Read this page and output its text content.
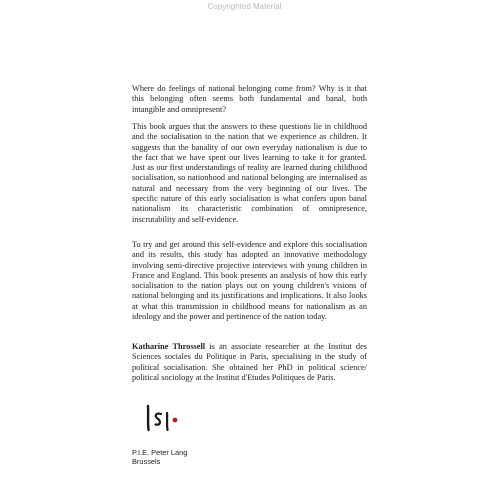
Copyrighted Material

Where do feelings of national belonging come from? Why is it that this belonging often seems both fundamental and banal, both intangible and omnipresent?

This book argues that the answers to these questions lie in childhood and the socialisation to the nation that we experience as children. It suggests that the banality of our own everyday nationalism is due to the fact that we have spent our lives learning to take it for granted. Just as our first understandings of reality are learned during childhood socialisation, so nationhood and national belonging are internalised as natural and necessary from the very beginning of our lives. The specific nature of this early socialisation is what confers upon banal nationalism its characteristic combination of omnipresence, inscrutability and self-evidence.

To try and get around this self-evidence and explore this socialisation and its results, this study has adopted an innovative methodology involving semi-directive projective interviews with young children in France and England. This book presents an analysis of how this early socialisation to the nation plays out on young children's visions of national belonging and its justifications and implications. It also looks at what this transmission in childhood means for nationalism as an ideology and the power and pertinence of the nation today.

Katharine Throssell is an associate researcher at the Institut des Sciences sociales du Politique in Paris, specialising in the study of political socialisation. She obtained her PhD in political science/ political sociology at the Institut d'Etudes Politiques de Paris.

P.I.E. Peter Lang
Brussels
